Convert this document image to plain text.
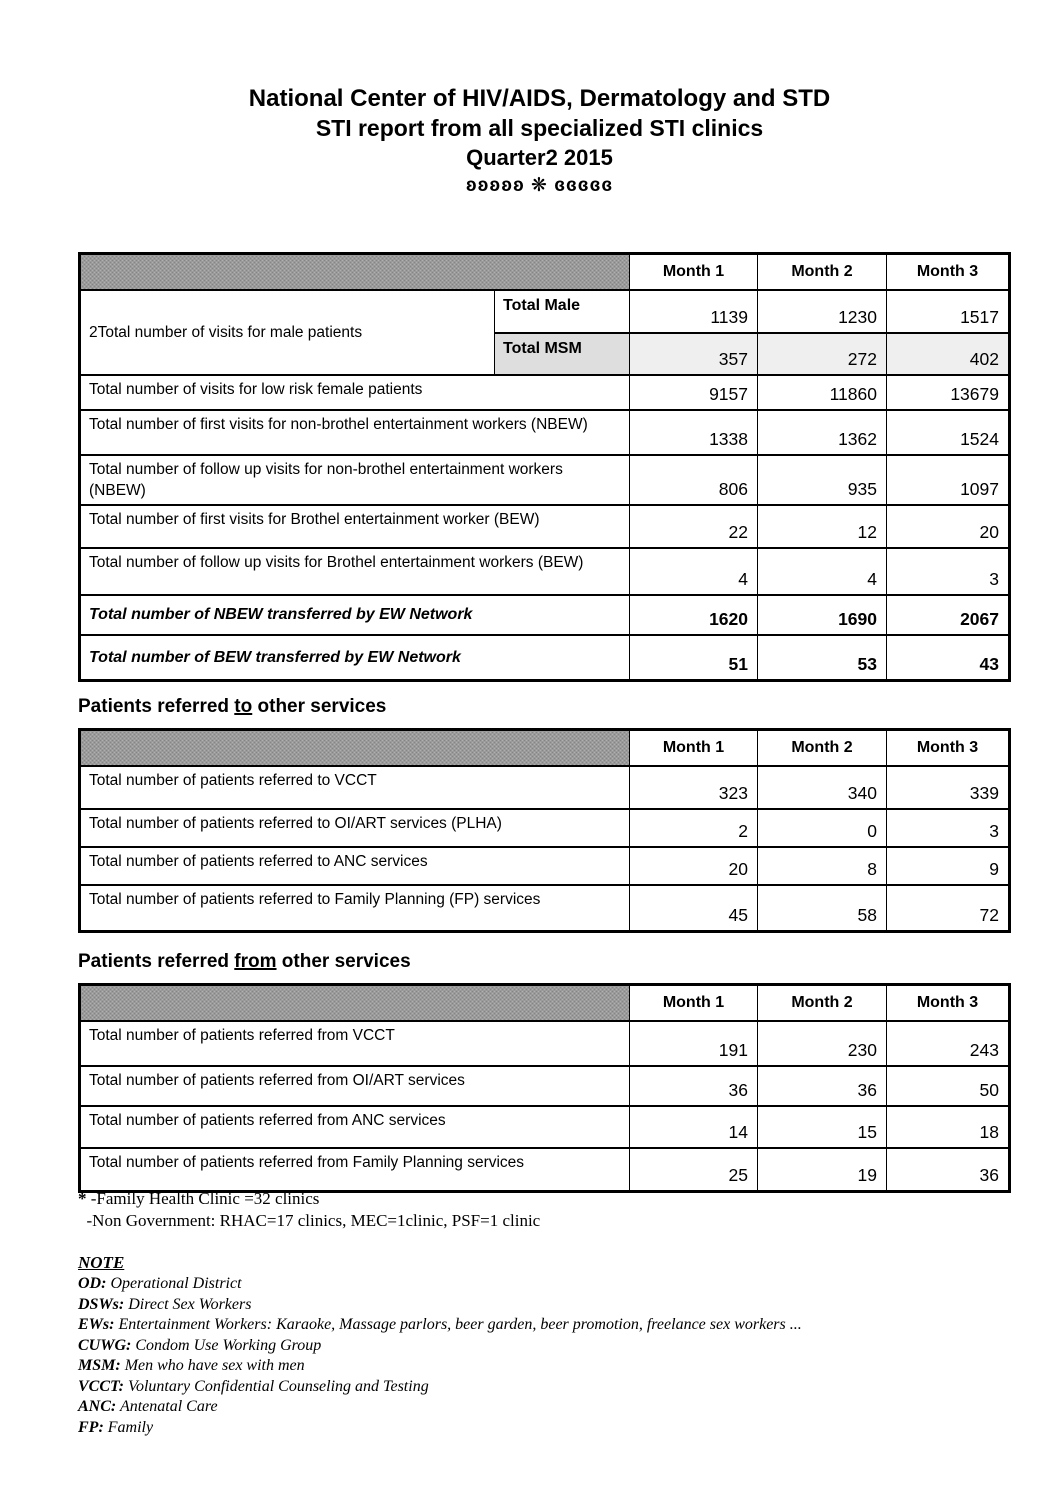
National Center of HIV/AIDS, Dermatology and STD
STI report from all specialized STI clinics
Quarter2 2015
ʚʚʚʚʚ ❋ ɞɞɞɞɞ
		Month 1	Month 2	Month 3
2Total number of visits for male patients	Total Male	1139	1230	1517
	Total MSM	357	272	402
Total number of visits for low risk female patients		9157	11860	13679
Total number of first visits for non-brothel entertainment workers (NBEW)		1338	1362	1524
Total number of follow up visits for non-brothel entertainment workers (NBEW)		806	935	1097
Total number of first visits for Brothel entertainment worker (BEW)		22	12	20
Total number of follow up visits for Brothel entertainment workers (BEW)		4	4	3
Total number of NBEW transferred by EW Network		1620	1690	2067
Total number of BEW transferred by EW Network		51	53	43
Patients referred to other services
	Month 1	Month 2	Month 3
Total number of patients referred to VCCT	323	340	339
Total number of patients referred to OI/ART services (PLHA)	2	0	3
Total number of patients referred to ANC services	20	8	9
Total number of patients referred to Family Planning (FP) services	45	58	72
Patients referred from other services
	Month 1	Month 2	Month 3
Total number of patients referred from VCCT	191	230	243
Total number of patients referred from OI/ART services	36	36	50
Total number of patients referred from ANC services	14	15	18
Total number of patients referred from Family Planning services	25	19	36
* -Family Health Clinic =32 clinics
-Non Government: RHAC=17 clinics, MEC=1clinic, PSF=1 clinic
NOTE
OD: Operational District
DSWs: Direct Sex Workers
EWs: Entertainment Workers: Karaoke, Massage parlors, beer garden, beer promotion, freelance sex workers ...
CUWG: Condom Use Working Group
MSM: Men who have sex with men
VCCT: Voluntary Confidential Counseling and Testing
ANC: Antenatal Care
FP: Family
